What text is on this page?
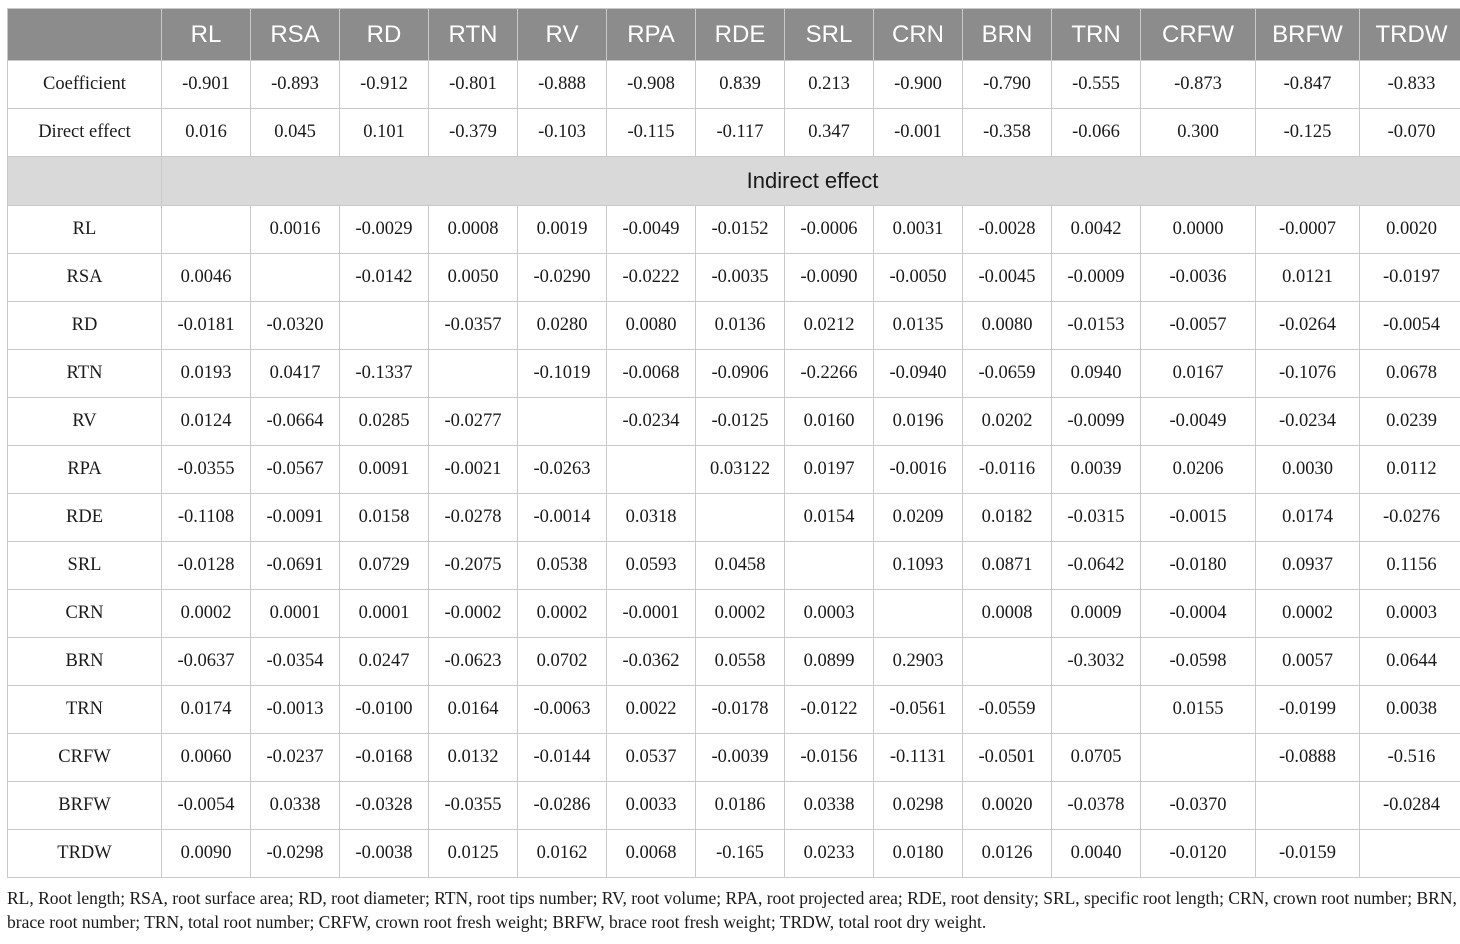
	RL	RSA	RD	RTN	RV	RPA	RDE	SRL	CRN	BRN	TRN	CRFW	BRFW	TRDW
Coefficient	-0.901	-0.893	-0.912	-0.801	-0.888	-0.908	0.839	0.213	-0.900	-0.790	-0.555	-0.873	-0.847	-0.833
Direct effect	0.016	0.045	0.101	-0.379	-0.103	-0.115	-0.117	0.347	-0.001	-0.358	-0.066	0.300	-0.125	-0.070
	Indirect effect													
RL		0.0016	-0.0029	0.0008	0.0019	-0.0049	-0.0152	-0.0006	0.0031	-0.0028	0.0042	0.0000	-0.0007	0.0020
RSA	0.0046		-0.0142	0.0050	-0.0290	-0.0222	-0.0035	-0.0090	-0.0050	-0.0045	-0.0009	-0.0036	0.0121	-0.0197
RD	-0.0181	-0.0320		-0.0357	0.0280	0.0080	0.0136	0.0212	0.0135	0.0080	-0.0153	-0.0057	-0.0264	-0.0054
RTN	0.0193	0.0417	-0.1337		-0.1019	-0.0068	-0.0906	-0.2266	-0.0940	-0.0659	0.0940	0.0167	-0.1076	0.0678
RV	0.0124	-0.0664	0.0285	-0.0277		-0.0234	-0.0125	0.0160	0.0196	0.0202	-0.0099	-0.0049	-0.0234	0.0239
RPA	-0.0355	-0.0567	0.0091	-0.0021	-0.0263		0.03122	0.0197	-0.0016	-0.0116	0.0039	0.0206	0.0030	0.0112
RDE	-0.1108	-0.0091	0.0158	-0.0278	-0.0014	0.0318		0.0154	0.0209	0.0182	-0.0315	-0.0015	0.0174	-0.0276
SRL	-0.0128	-0.0691	0.0729	-0.2075	0.0538	0.0593	0.0458		0.1093	0.0871	-0.0642	-0.0180	0.0937	0.1156
CRN	0.0002	0.0001	0.0001	-0.0002	0.0002	-0.0001	0.0002	0.0003		0.0008	0.0009	-0.0004	0.0002	0.0003
BRN	-0.0637	-0.0354	0.0247	-0.0623	0.0702	-0.0362	0.0558	0.0899	0.2903		-0.3032	-0.0598	0.0057	0.0644
TRN	0.0174	-0.0013	-0.0100	0.0164	-0.0063	0.0022	-0.0178	-0.0122	-0.0561	-0.0559		0.0155	-0.0199	0.0038
CRFW	0.0060	-0.0237	-0.0168	0.0132	-0.0144	0.0537	-0.0039	-0.0156	-0.1131	-0.0501	0.0705		-0.0888	-0.516
BRFW	-0.0054	0.0338	-0.0328	-0.0355	-0.0286	0.0033	0.0186	0.0338	0.0298	0.0020	-0.0378	-0.0370		-0.0284
TRDW	0.0090	-0.0298	-0.0038	0.0125	0.0162	0.0068	-0.165	0.0233	0.0180	0.0126	0.0040	-0.0120	-0.0159	
RL, Root length; RSA, root surface area; RD, root diameter; RTN, root tips number; RV, root volume; RPA, root projected area; RDE, root density; SRL, specific root length; CRN, crown root number; BRN, brace root number; TRN, total root number; CRFW, crown root fresh weight; BRFW, brace root fresh weight; TRDW, total root dry weight.
